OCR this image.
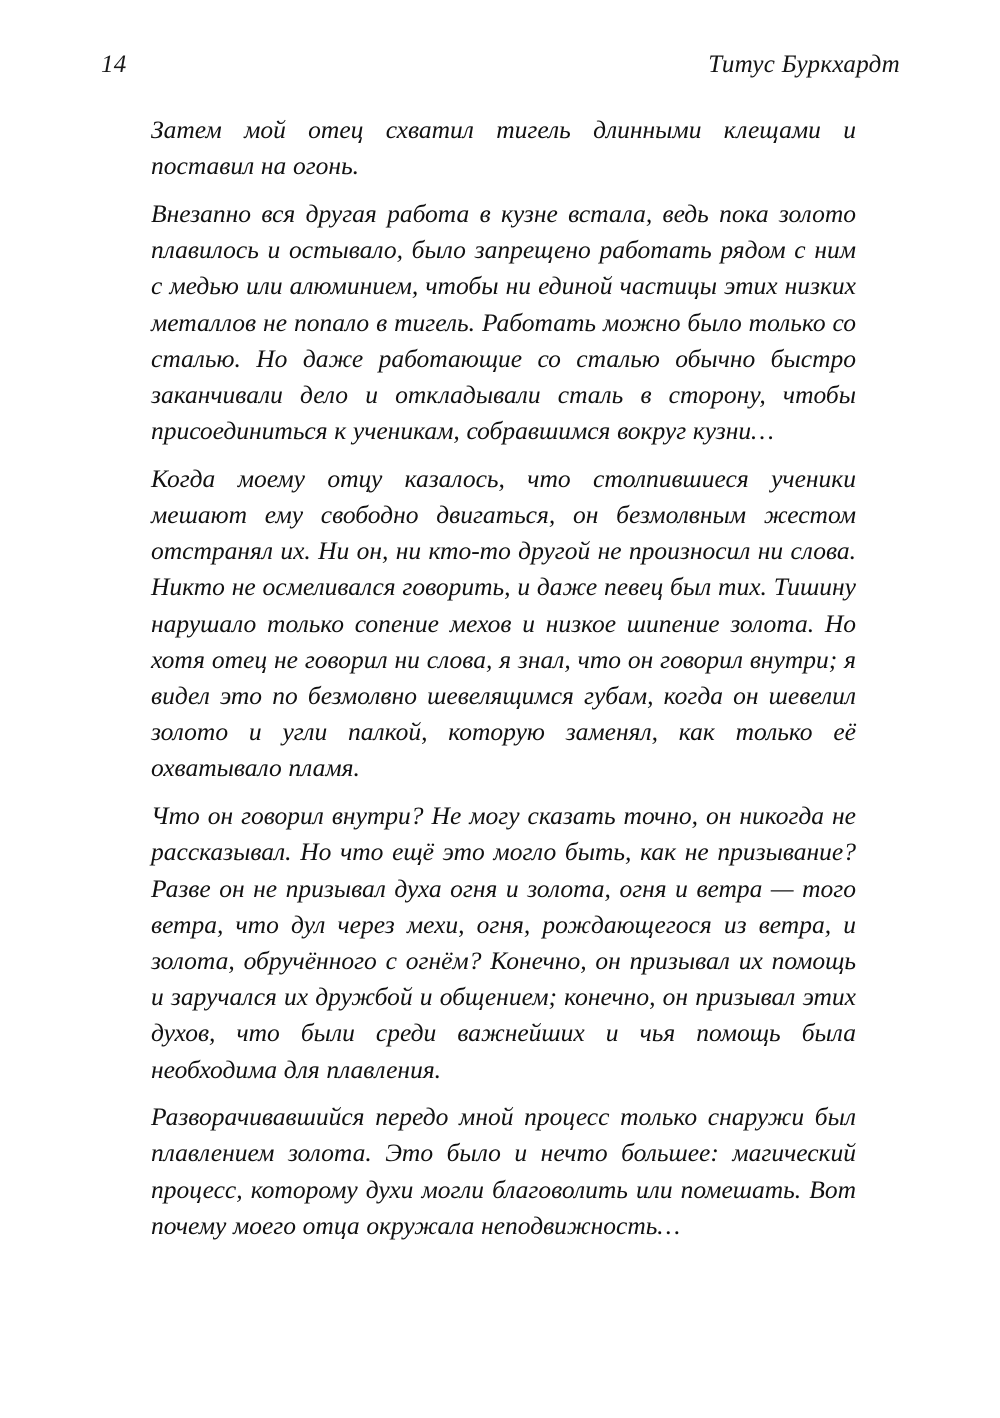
14	Титус Буркхардт

Затем мой отец схватил тигель длинными клещами и поставил на огонь.

Внезапно вся другая работа в кузне встала, ведь пока золото плавилось и остывало, было запрещено работать рядом с ним с медью или алюминием, чтобы ни единой частицы этих низких металлов не попало в тигель. Работать можно было только со сталью. Но даже работающие со сталью обычно быстро заканчивали дело и откладывали сталь в сторону, чтобы присоединиться к ученикам, собравшимся вокруг кузни…

Когда моему отцу казалось, что столпившиеся ученики мешают ему свободно двигаться, он безмолвным жестом отстранял их. Ни он, ни кто-то другой не произносил ни слова. Никто не осмеливался говорить, и даже певец был тих. Тишину нарушало только сопение мехов и низкое шипение золота. Но хотя отец не говорил ни слова, я знал, что он говорил внутри; я видел это по безмолвно шевелящимся губам, когда он шевелил золото и угли палкой, которую заменял, как только её охватывало пламя.

Что он говорил внутри? Не могу сказать точно, он никогда не рассказывал. Но что ещё это могло быть, как не призывание? Разве он не призывал духа огня и золота, огня и ветра — того ветра, что дул через мехи, огня, рождающегося из ветра, и золота, обручённого с огнём? Конечно, он призывал их помощь и заручался их дружбой и общением; конечно, он призывал этих духов, что были среди важнейших и чья помощь была необходима для плавления.

Разворачивавшийся передо мной процесс только снаружи был плавлением золота. Это было и нечто большее: магический процесс, которому духи могли благоволить или помешать. Вот почему моего отца окружала неподвижность…
